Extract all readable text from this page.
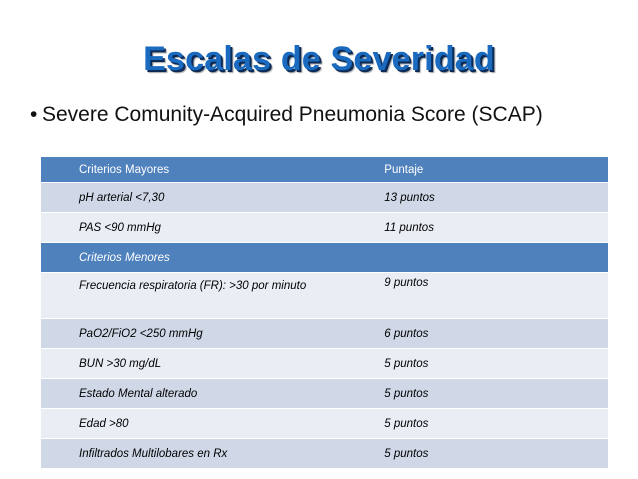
Escalas de Severidad
• Severe Comunity-Acquired Pneumonia Score (SCAP)
Criterios Mayores	Puntaje
pH arterial <7,30	13 puntos
PAS <90 mmHg	11 puntos
Criterios Menores	
Frecuencia respiratoria (FR): >30 por minuto	9 puntos
PaO2/FiO2 <250 mmHg	6 puntos
BUN >30 mg/dL	5 puntos
Estado Mental alterado	5 puntos
Edad >80	5 puntos
Infiltrados Multilobares en Rx	5 puntos
